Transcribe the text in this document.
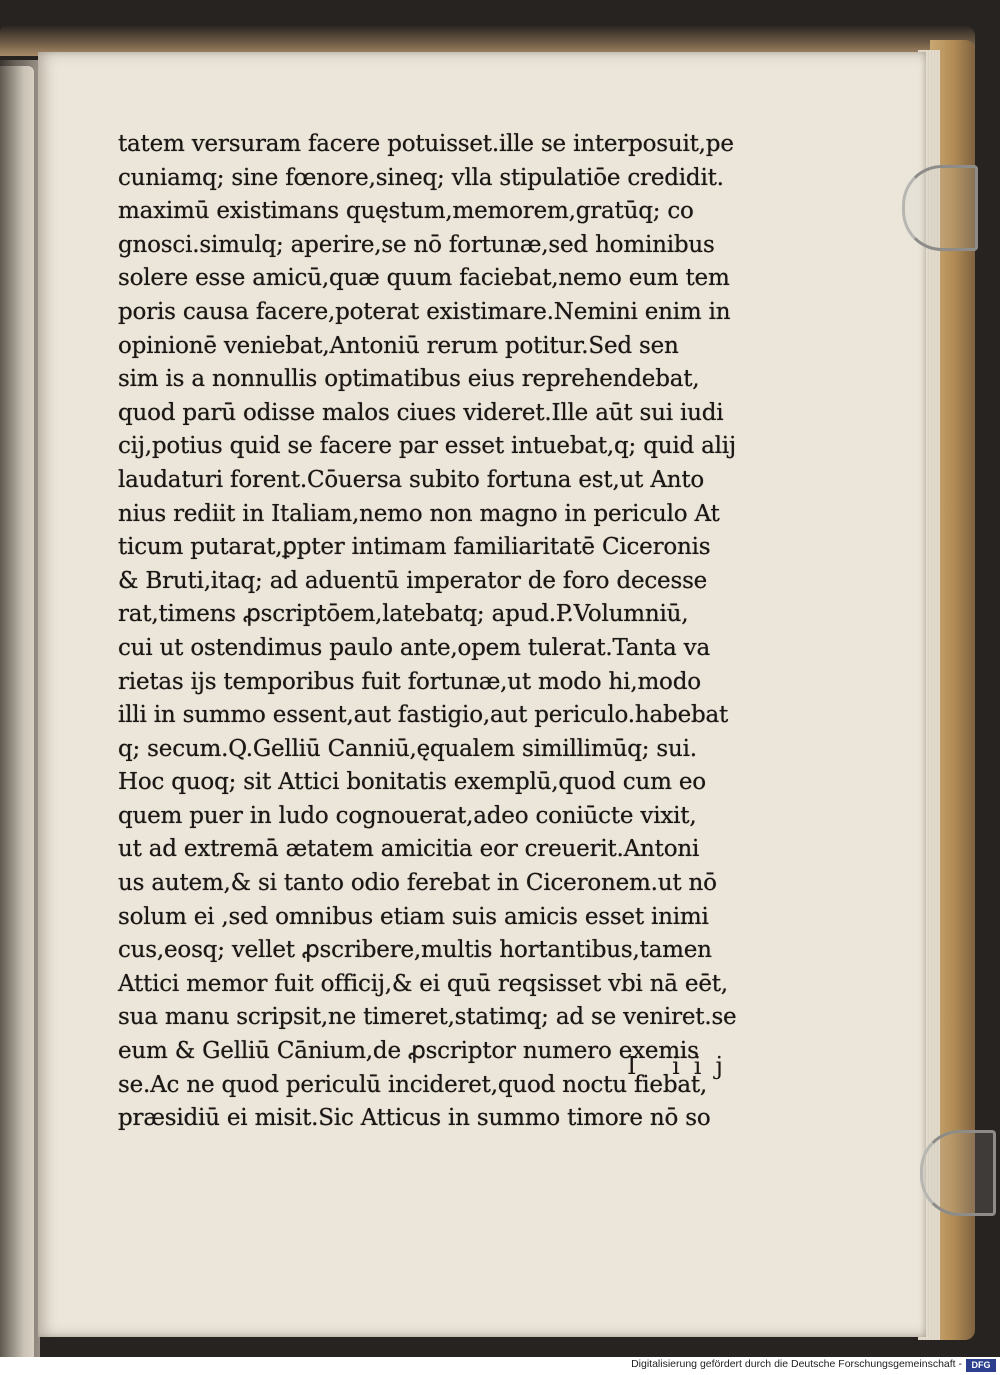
tatem versuram facere potuisset.ille se interposuit,pe
cuniamq; sine fœnore,sineq; vlla stipulatiōe credidit.
maximū existimans quęstum,memorem,gratūq; co
gnosci.simulq; aperire,se nō fortunæ,sed hominibus
solere esse amicū,quæ quum faciebat,nemo eum tem
poris causa facere,poterat existimare.Nemini enim in
opinionē veniebat,Antoniū rerum potitur.Sed sen
sim is a nonnullis optimatibus eius reprehendebat,
quod parū odisse malos ciues videret.Ille aūt sui iudi
cij,potius quid se facere par esset intuebat,q; quid alij
laudaturi forent.Cōuersa subito fortuna est,ut Anto
nius rediit in Italiam,nemo non magno in periculo At
ticum putarat,ꝑpter intimam familiaritatē Ciceronis
& Bruti,itaq; ad aduentū imperator de foro decesse
rat,timens ꝓscriptōem,latebatq; apud.P.Volumniū,
cui ut ostendimus paulo ante,opem tulerat.Tanta va
rietas ijs temporibus fuit fortunæ,ut modo hi,modo
illi in summo essent,aut fastigio,aut periculo.habebat
q; secum.Q.Gelliū Canniū,ęqualem simillimūq; sui.
Hoc quoq; sit Attici bonitatis exemplū,quod cum eo
quem puer in ludo cognouerat,adeo coniūcte vixit,
ut ad extremā ætatem amicitia eor creuerit.Antoni
us autem,& si tanto odio ferebat in Ciceronem.ut nō
solum ei ,sed omnibus etiam suis amicis esset inimi
cus,eosq; vellet ꝓscribere,multis hortantibus,tamen
Attici memor fuit officij,& ei quū reqsisset vbi nā eēt,
sua manu scripsit,ne timeret,statimq; ad se veniret.se
eum & Gelliū Cānium,de ꝓscriptor numero exemis
se.Ac ne quod periculū incideret,quod noctu fiebat,
præsidiū ei misit.Sic Atticus in summo timore nō so
I iij
Digitalisierung gefördert durch die Deutsche Forschungsgemeinschaft -	DFG
